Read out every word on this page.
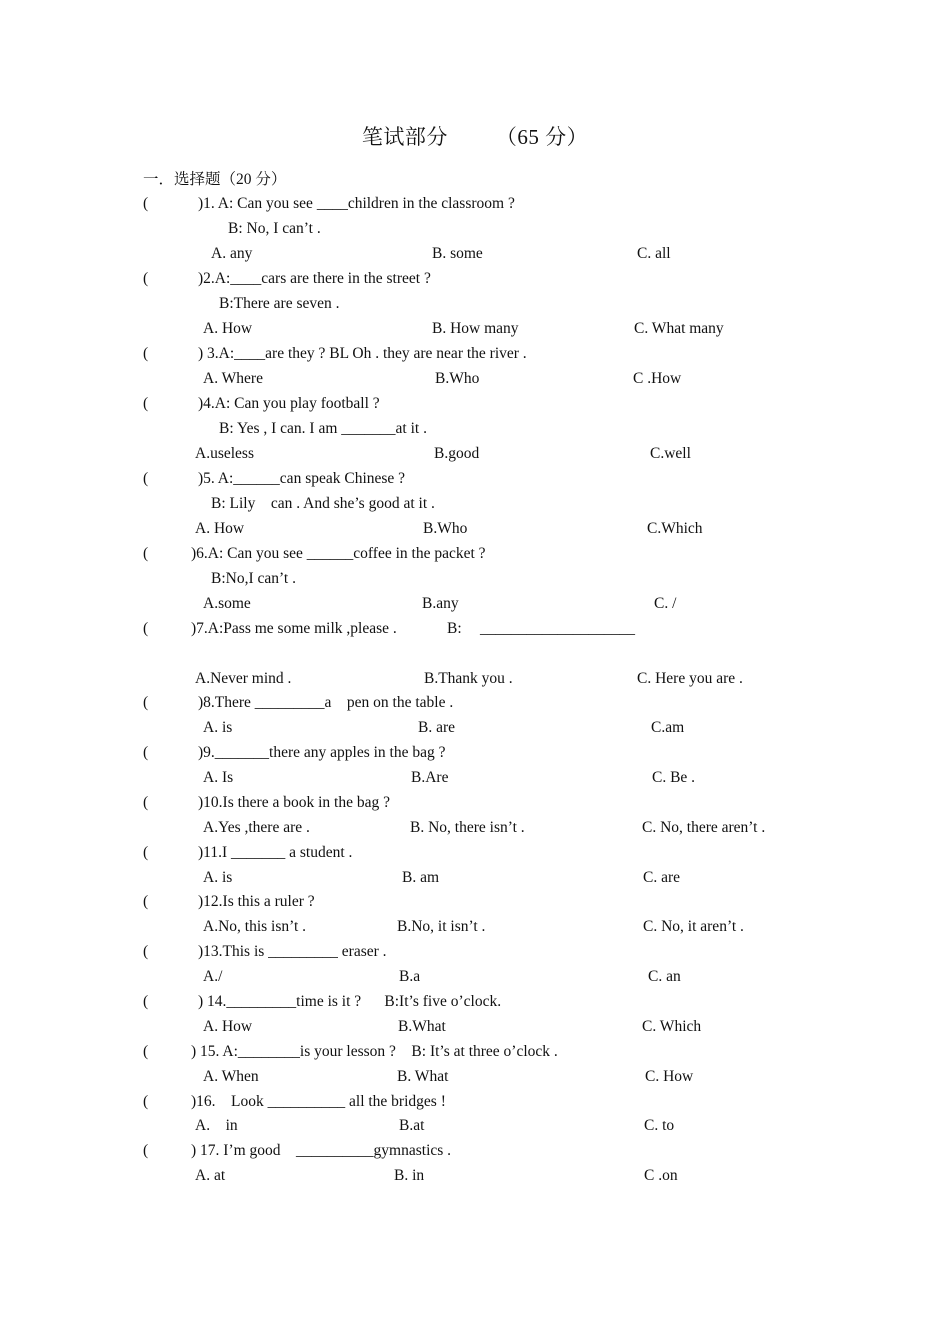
笔试部分 （65 分）
一．选择题（20 分）

(

	)1. A: Can you see ____children in the classroom ?

B: No, I can’t .

A. any

	B. some

	C. all

(

	)2.A:____cars are there in the street ?

B:There are seven .

A. How

	B. How many

	C. What many

(

	) 3.A:____are they ? BL Oh . they are near the river .

A. Where

	B.Who

	C .How

(

	)4.A: Can you play football ?

B: Yes , I can. I am _______at it .

A.useless

	B.good

	C.well

(

	)5. A:______can speak Chinese ?

B: Lily    can . And she’s good at it .

A. How

	B.Who

	C.Which

(

	)6.A: Can you see ______coffee in the packet ?

B:No,I can’t .

A.some

	B.any

	C. /

(

	)7.A:Pass me some milk ,please .

	B:

____________________

A.Never mind .

	B.Thank you .

	C. Here you are .

(

	)8.There _________a    pen on the table .

A. is

	B. are

	C.am

(

	)9._______there any apples in the bag ?

A. Is

	B.Are

	C. Be .

(

	)10.Is there a book in the bag ?

A.Yes ,there are .

	B. No, there isn’t .

	C. No, there aren’t .

(

	)11.I _______ a student .

A. is

	B. am

	C. are

(

	)12.Is this a ruler ?

A.No, this isn’t .

	B.No, it isn’t .

	C. No, it aren’t .

(

	)13.This is _________ eraser .

A./

	B.a

	C. an

(

	) 14._________time is it ?      B:It’s five o’clock.

A. How

	B.What

	C. Which

(

	) 15. A:________is your lesson ?    B: It’s at three o’clock .

A. When

	B. What

	C. How

(

	)16.    Look __________ all the bridges !

A.    in

	B.at

	C. to

(

	) 17. I’m good    __________gymnastics .

A. at

	B. in

	C .on
